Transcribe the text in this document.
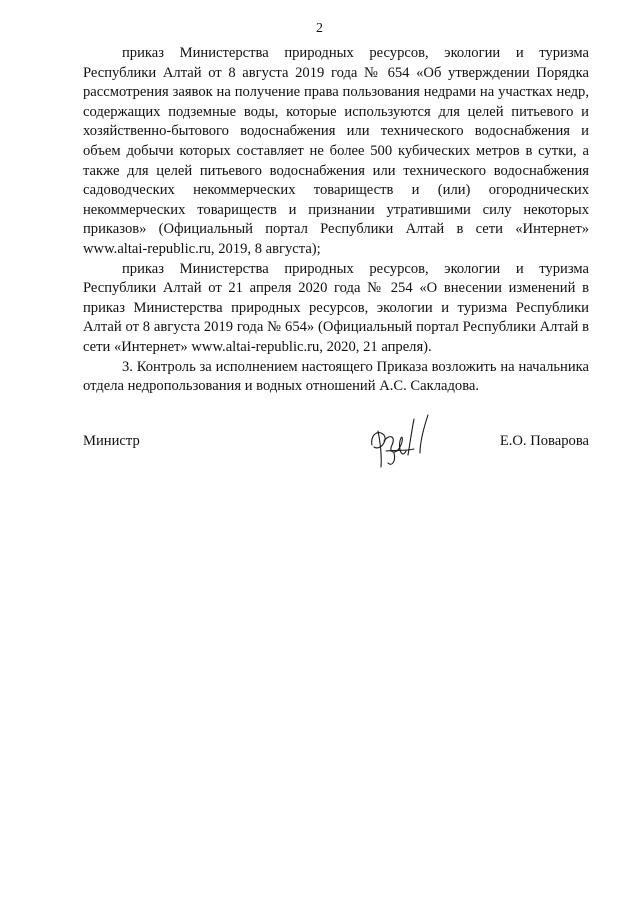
2

приказ Министерства природных ресурсов, экологии и туризма Республики Алтай от 8 августа 2019 года № 654 «Об утверждении Порядка рассмотрения заявок на получение права пользования недрами на участках недр, содержащих подземные воды, которые используются для целей питьевого и хозяйственно-бытового водоснабжения или технического водоснабжения и объем добычи которых составляет не более 500 кубических метров в сутки, а также для целей питьевого водоснабжения или технического водоснабжения садоводческих некоммерческих товариществ и (или) огороднических некоммерческих товариществ и признании утратившими силу некоторых приказов» (Официальный портал Республики Алтай в сети «Интернет» www.altai-republic.ru, 2019, 8 августа);

приказ Министерства природных ресурсов, экологии и туризма Республики Алтай от 21 апреля 2020 года № 254 «О внесении изменений в приказ Министерства природных ресурсов, экологии и туризма Республики Алтай от 8 августа 2019 года № 654» (Официальный портал Республики Алтай в сети «Интернет» www.altai-republic.ru, 2020, 21 апреля).

3. Контроль за исполнением настоящего Приказа возложить на начальника отдела недропользования и водных отношений А.С. Сакладова.

Министр	Е.О. Поварова
